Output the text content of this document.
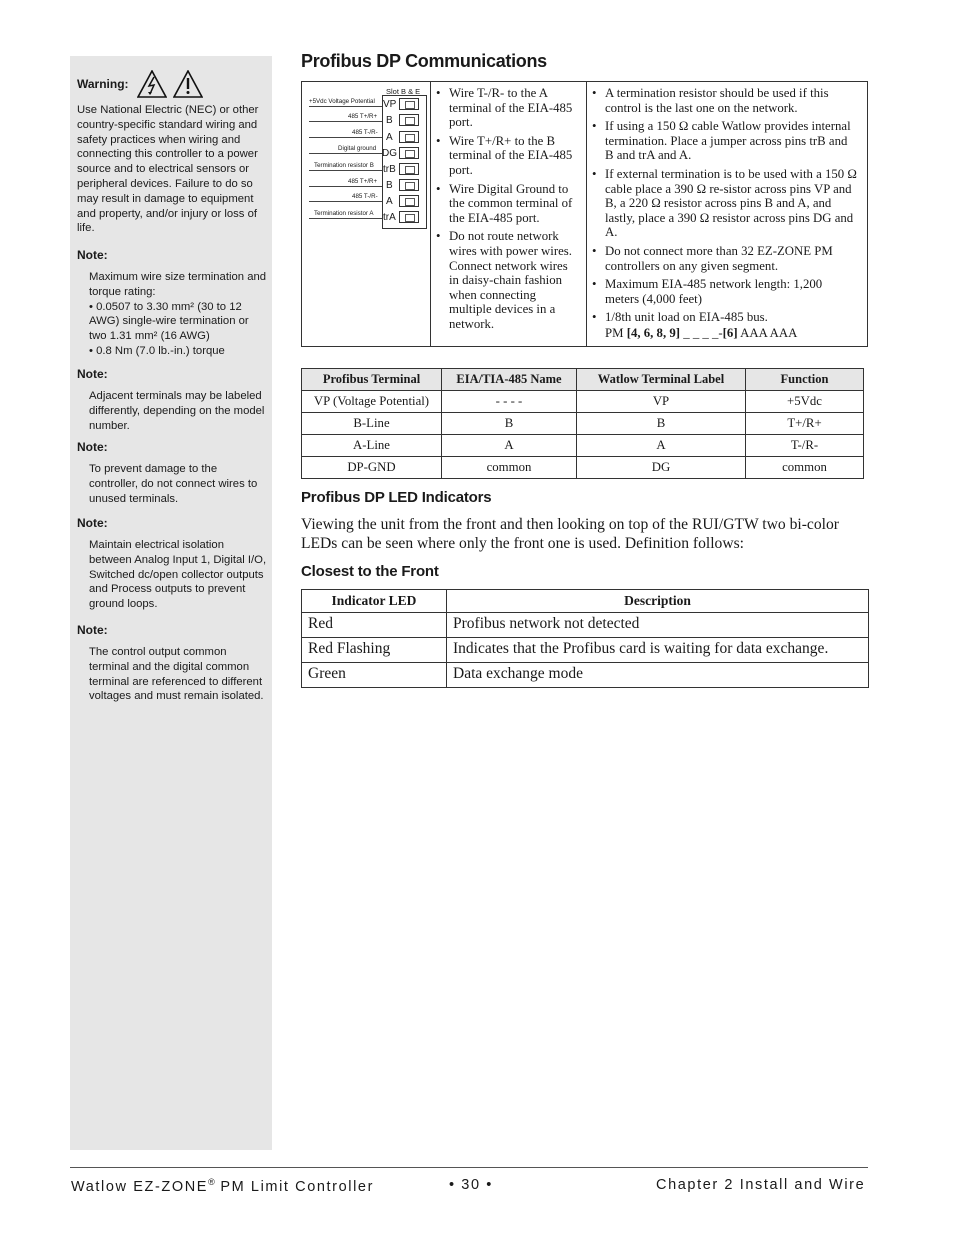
Warning:

Use National Electric (NEC) or other country-specific standard wiring and safety practices when wiring and connecting this controller to a power source and to electrical sensors or peripheral devices. Failure to do so may result in damage to equipment and property, and/or injury or loss of life.

Note:

Maximum wire size termination and torque rating:

• 0.0507 to 3.30 mm² (30 to 12 AWG) single-wire termination or two 1.31 mm² (16 AWG)
• 0.8 Nm (7.0 lb.-in.) torque

Note:

Adjacent terminals may be labeled differently, depending on the model number.

Note:

To prevent damage to the controller, do not connect wires to unused terminals.

Note:

Maintain electrical isolation between Analog Input 1, Digital I/O, Switched dc/open collector outputs and Process outputs to prevent ground loops.

Note:

The control output common terminal and the digital common terminal are referenced to different voltages and must remain isolated.

Profibus DP Communications
Slot B & E
+5Vdc Voltage Potential
485 T+/R+
485 T-/R-
Digital ground
Termination resistor B
485 T+/R+
485 T-/R-
Termination resistor A
VP
B
A
DG
trB
B
A
trA
• Wire T-/R- to the A terminal of the EIA-485 port.
• Wire T+/R+ to the B terminal of the EIA-485 port.
• Wire Digital Ground to the common terminal of the EIA-485 port.
• Do not route network wires with power wires. Connect network wires in daisy-chain fashion when connecting multiple devices in a network.
• A termination resistor should be used if this control is the last one on the network.
• If using a 150 Ω cable Watlow provides internal termination. Place a jumper across pins trB and B and trA and A.
• If external termination is to be used with a 150 Ω cable place a 390 Ω re-sistor across pins VP and B, a 220 Ω resistor across pins B and A, and lastly, place a 390 Ω resistor across pins DG and A.
• Do not connect more than 32 EZ-ZONE PM controllers on any given segment.
• Maximum EIA-485 network length: 1,200 meters (4,000 feet)
• 1/8th unit load on EIA-485 bus.
PM [4, 6, 8, 9] _ _ _ _-[6] AAA AAA
Profibus Terminal	EIA/TIA-485 Name	Watlow Terminal Label	Function
VP (Voltage Potential)	- - - -	VP	+5Vdc
B-Line	B	B	T+/R+
A-Line	A	A	T-/R-
DP-GND	common	DG	common
Profibus DP LED Indicators

Viewing the unit from the front and then looking on top of the RUI/GTW two bi-color LEDs can be seen where only the front one is used. Definition follows:

Closest to the Front
Indicator LED	Description
Red	Profibus network not detected
Red Flashing	Indicates that the Profibus card is waiting for data exchange.
Green	Data exchange mode
Watlow EZ-ZONE® PM Limit Controller	• 30 •	Chapter 2 Install and Wire
